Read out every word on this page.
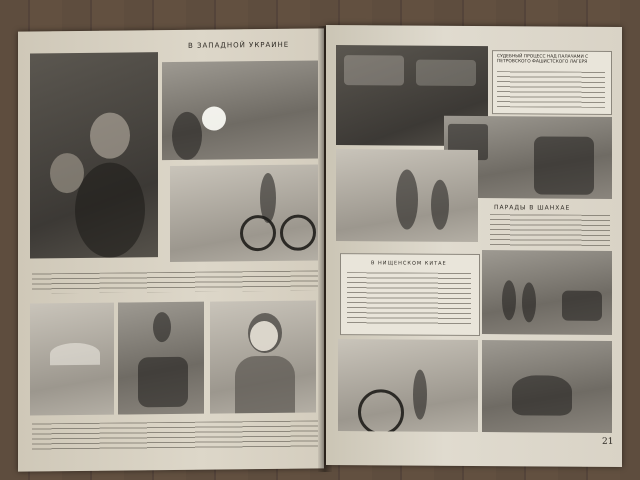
В ЗАПАДНОЙ УКРАИНЕ
СУДЕБНЫЙ ПРОЦЕСС НАД ПАЛАЧАМИ С ПЕТРОВСКОГО ФАШИСТСКОГО ЛАГЕРЯ
ПАРАДЫ В ШАНХАЕ
В НИЩЕНСКОМ КИТАЕ
21
